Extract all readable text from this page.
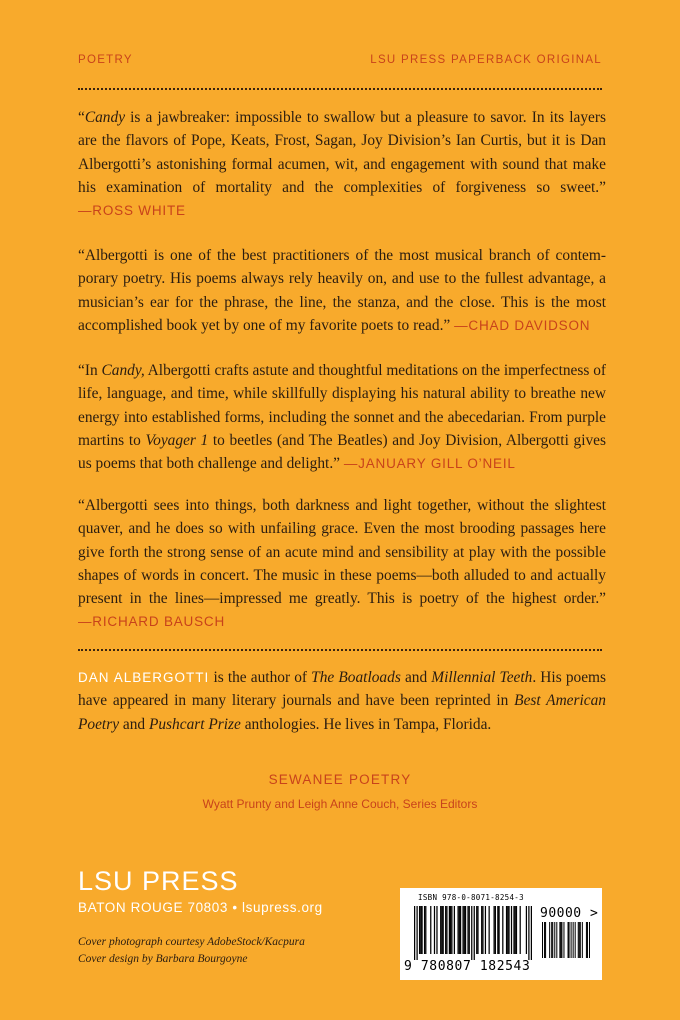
POETRY	LSU PRESS PAPERBACK ORIGINAL

“Candy is a jawbreaker: impossible to swallow but a pleasure to savor. In its layers are the flavors of Pope, Keats, Frost, Sagan, Joy Division’s Ian Curtis, but it is Dan Albergotti’s astonishing formal acumen, wit, and engagement with sound that make his examination of mortality and the complexities of forgiveness so sweet.” —ROSS WHITE

“Albergotti is one of the best practitioners of the most musical branch of contemporary poetry. His poems always rely heavily on, and use to the fullest advantage, a musician’s ear for the phrase, the line, the stanza, and the close. This is the most accomplished book yet by one of my favorite poets to read.” —CHAD DAVIDSON

“In Candy, Albergotti crafts astute and thoughtful meditations on the imperfectness of life, language, and time, while skillfully displaying his natural ability to breathe new energy into established forms, including the sonnet and the abecedarian. From purple martins to Voyager 1 to beetles (and The Beatles) and Joy Division, Albergotti gives us poems that both challenge and delight.” —JANUARY GILL O’NEIL

“Albergotti sees into things, both darkness and light together, without the slightest quaver, and he does so with unfailing grace. Even the most brooding passages here give forth the strong sense of an acute mind and sensibility at play with the possible shapes of words in concert. The music in these poems—both alluded to and actually present in the lines—impressed me greatly. This is poetry of the highest order.” —RICHARD BAUSCH

DAN ALBERGOTTI is the author of The Boatloads and Millennial Teeth. His poems have appeared in many literary journals and have been reprinted in Best American Poetry and Pushcart Prize anthologies. He lives in Tampa, Florida.

SEWANEE POETRY
Wyatt Prunty and Leigh Anne Couch, Series Editors
LSU PRESS
BATON ROUGE 70803 • lsupress.org
Cover photograph courtesy AdobeStock/Kacpura
Cover design by Barbara Bourgoyne
ISBN 978-0-8071-8254-3
90000 >
9 780807 182543
